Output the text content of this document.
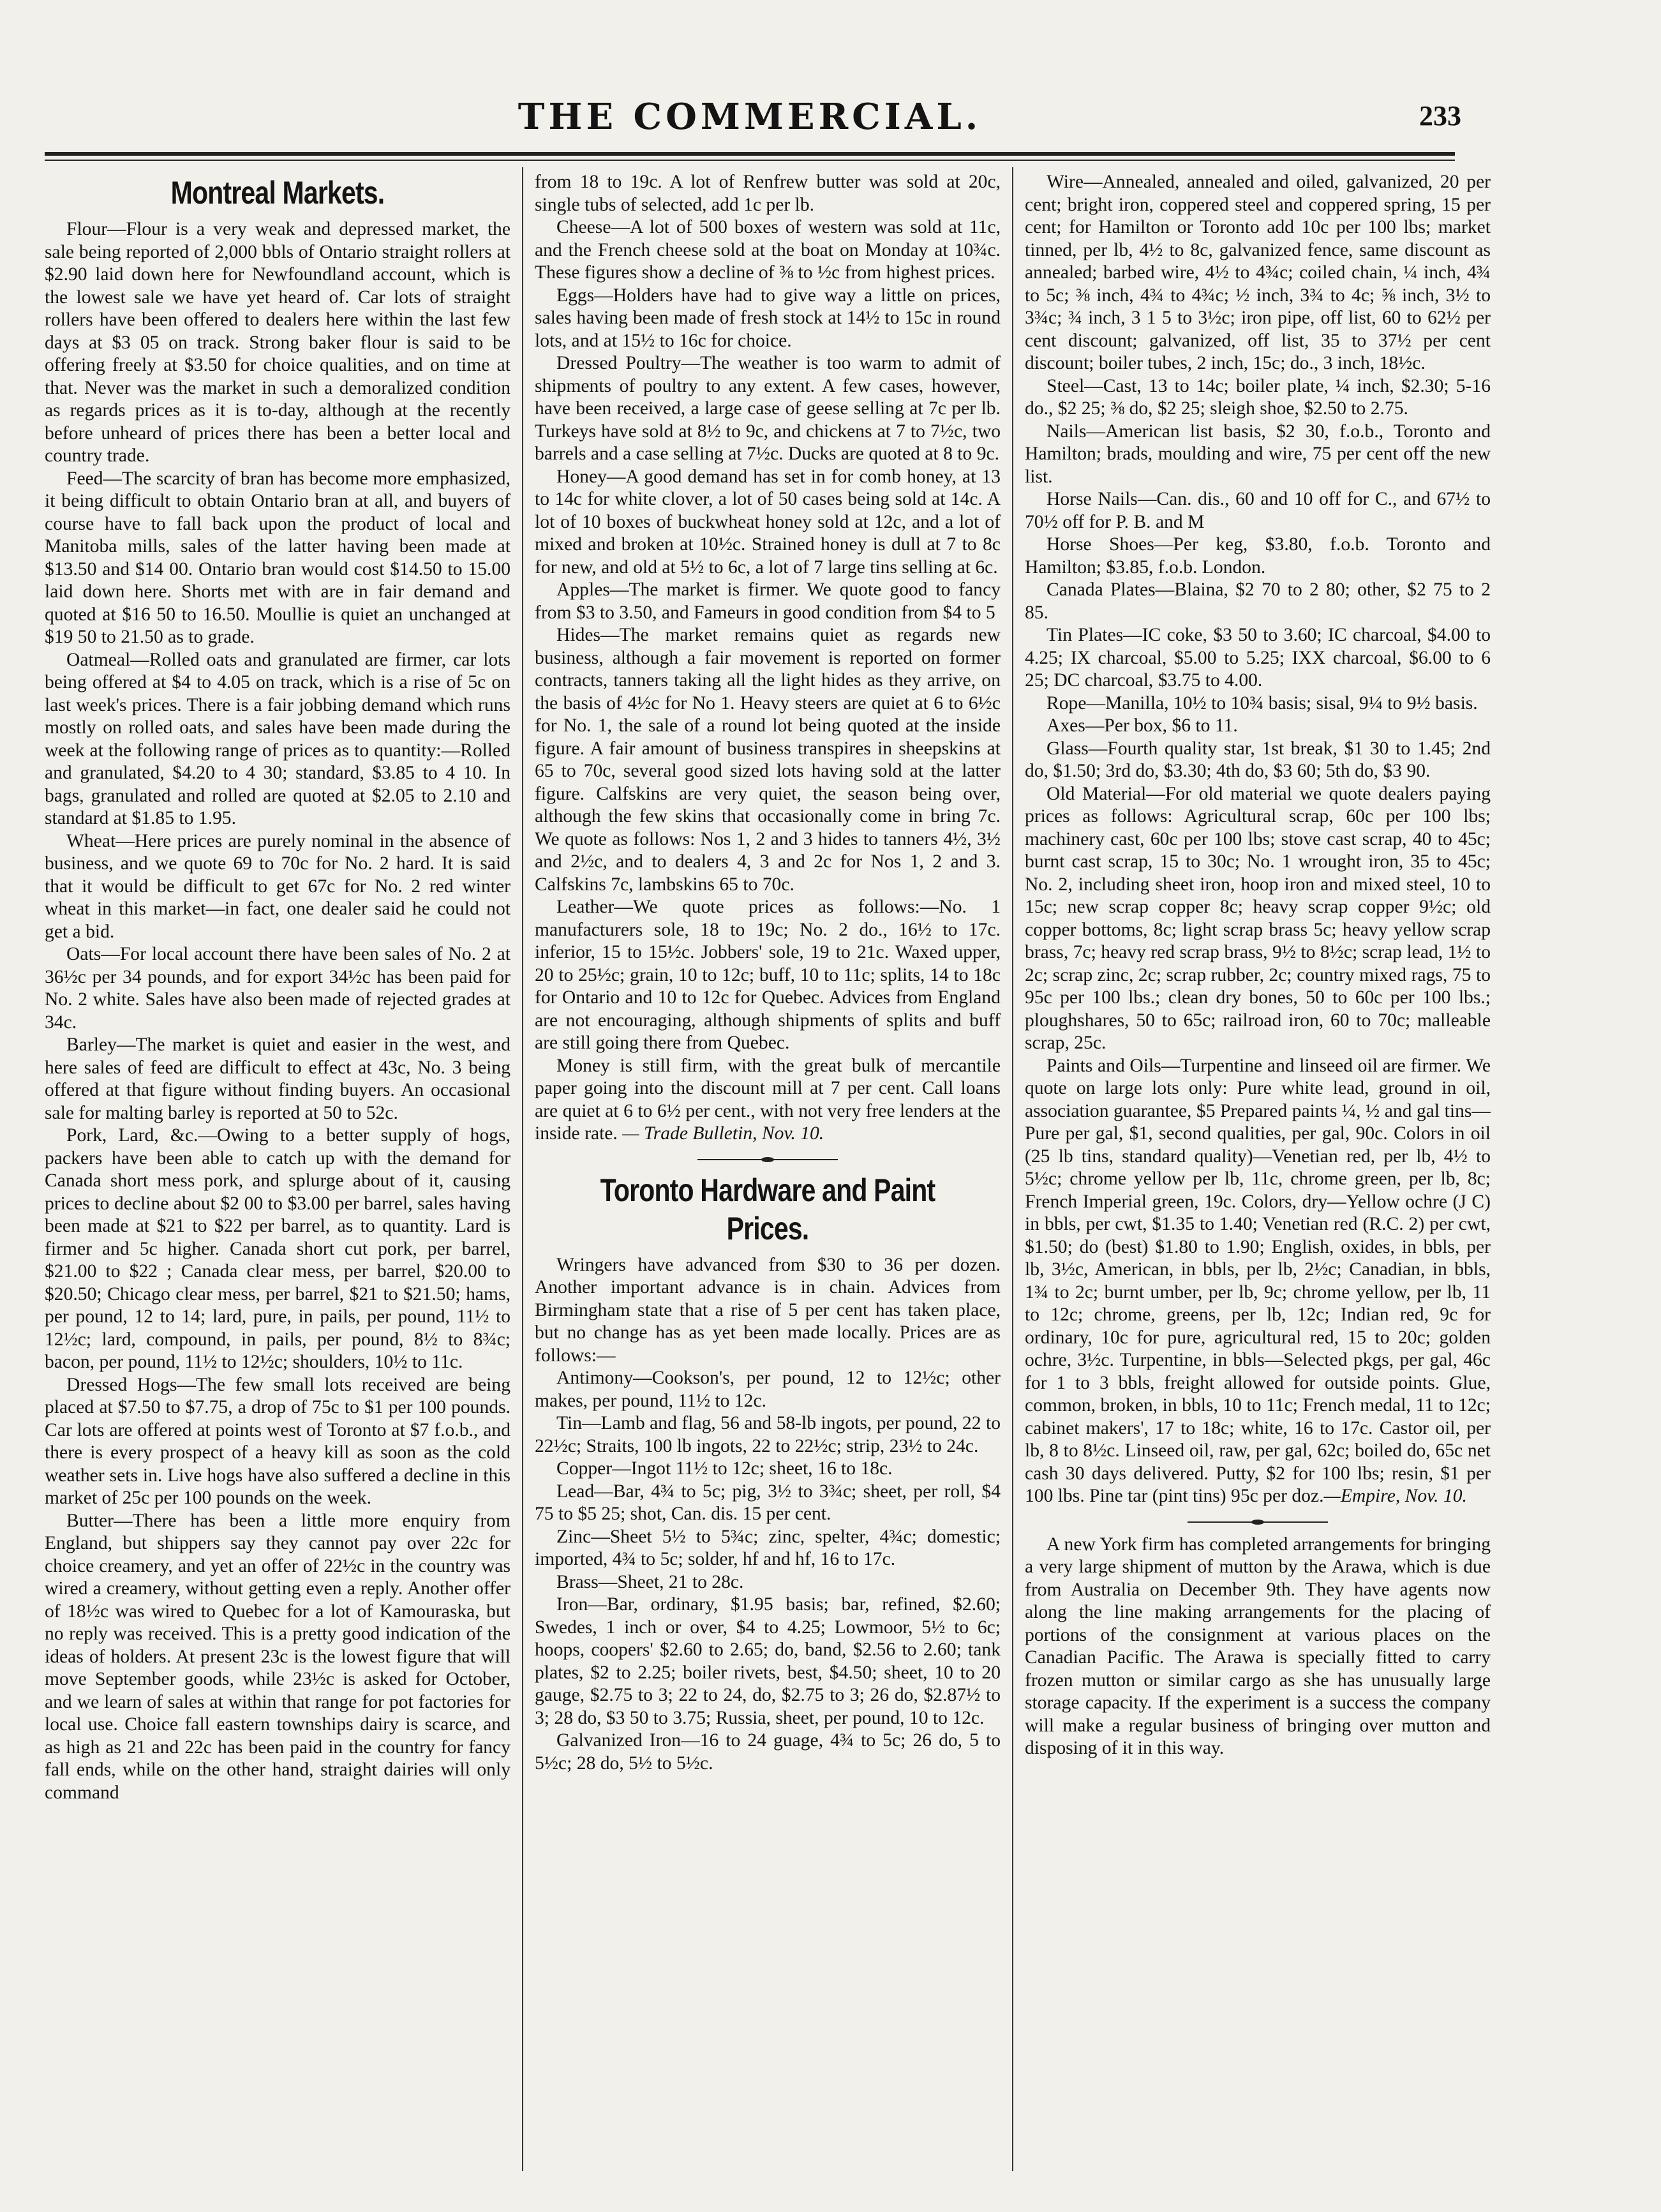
THE COMMERCIAL.	233
Montreal Markets.

Flour—Flour is a very weak and depressed market, the sale being reported of 2,000 bbls of Ontario straight rollers at $2.90 laid down here for Newfoundland account, which is the lowest sale we have yet heard of. Car lots of straight rollers have been offered to dealers here within the last few days at $3 05 on track. Strong baker flour is said to be offering freely at $3.50 for choice qualities, and on time at that. Never was the market in such a demoralized condition as regards prices as it is to-day, although at the recently before unheard of prices there has been a better local and country trade.

Feed—The scarcity of bran has become more emphasized, it being difficult to obtain Ontario bran at all, and buyers of course have to fall back upon the product of local and Manitoba mills, sales of the latter having been made at $13.50 and $14 00. Ontario bran would cost $14.50 to 15.00 laid down here. Shorts met with are in fair demand and quoted at $16 50 to 16.50. Moullie is quiet an unchanged at $19 50 to 21.50 as to grade.

Oatmeal—Rolled oats and granulated are firmer, car lots being offered at $4 to 4.05 on track, which is a rise of 5c on last week's prices. There is a fair jobbing demand which runs mostly on rolled oats, and sales have been made during the week at the following range of prices as to quantity:—Rolled and granulated, $4.20 to 4 30; standard, $3.85 to 4 10. In bags, granulated and rolled are quoted at $2.05 to 2.10 and standard at $1.85 to 1.95.

Wheat—Here prices are purely nominal in the absence of business, and we quote 69 to 70c for No. 2 hard. It is said that it would be difficult to get 67c for No. 2 red winter wheat in this market—in fact, one dealer said he could not get a bid.

Oats—For local account there have been sales of No. 2 at 36½c per 34 pounds, and for export 34½c has been paid for No. 2 white. Sales have also been made of rejected grades at 34c.

Barley—The market is quiet and easier in the west, and here sales of feed are difficult to effect at 43c, No. 3 being offered at that figure without finding buyers. An occasional sale for malting barley is reported at 50 to 52c.

Pork, Lard, &c.—Owing to a better supply of hogs, packers have been able to catch up with the demand for Canada short mess pork, and splurge about of it, causing prices to decline about $2 00 to $3.00 per barrel, sales having been made at $21 to $22 per barrel, as to quantity. Lard is firmer and 5c higher. Canada short cut pork, per barrel, $21.00 to $22 ; Canada clear mess, per barrel, $20.00 to $20.50; Chicago clear mess, per barrel, $21 to $21.50; hams, per pound, 12 to 14; lard, pure, in pails, per pound, 11½ to 12½c; lard, compound, in pails, per pound, 8½ to 8¾c; bacon, per pound, 11½ to 12½c; shoulders, 10½ to 11c.

Dressed Hogs—The few small lots received are being placed at $7.50 to $7.75, a drop of 75c to $1 per 100 pounds. Car lots are offered at points west of Toronto at $7 f.o.b., and there is every prospect of a heavy kill as soon as the cold weather sets in. Live hogs have also suffered a decline in this market of 25c per 100 pounds on the week.

Butter—There has been a little more enquiry from England, but shippers say they cannot pay over 22c for choice creamery, and yet an offer of 22½c in the country was wired a creamery, without getting even a reply. Another offer of 18½c was wired to Quebec for a lot of Kamouraska, but no reply was received. This is a pretty good indication of the ideas of holders. At present 23c is the lowest figure that will move September goods, while 23½c is asked for October, and we learn of sales at within that range for pot factories for local use. Choice fall eastern townships dairy is scarce, and as high as 21 and 22c has been paid in the country for fancy fall ends, while on the other hand, straight dairies will only command

from 18 to 19c. A lot of Renfrew butter was sold at 20c, single tubs of selected, add 1c per lb.

Cheese—A lot of 500 boxes of western was sold at 11c, and the French cheese sold at the boat on Monday at 10¾c. These figures show a decline of ⅜ to ½c from highest prices.

Eggs—Holders have had to give way a little on prices, sales having been made of fresh stock at 14½ to 15c in round lots, and at 15½ to 16c for choice.

Dressed Poultry—The weather is too warm to admit of shipments of poultry to any extent. A few cases, however, have been received, a large case of geese selling at 7c per lb. Turkeys have sold at 8½ to 9c, and chickens at 7 to 7½c, two barrels and a case selling at 7½c. Ducks are quoted at 8 to 9c.

Honey—A good demand has set in for comb honey, at 13 to 14c for white clover, a lot of 50 cases being sold at 14c. A lot of 10 boxes of buckwheat honey sold at 12c, and a lot of mixed and broken at 10½c. Strained honey is dull at 7 to 8c for new, and old at 5½ to 6c, a lot of 7 large tins selling at 6c.

Apples—The market is firmer. We quote good to fancy from $3 to 3.50, and Fameurs in good condition from $4 to 5

Hides—The market remains quiet as regards new business, although a fair movement is reported on former contracts, tanners taking all the light hides as they arrive, on the basis of 4½c for No 1. Heavy steers are quiet at 6 to 6½c for No. 1, the sale of a round lot being quoted at the inside figure. A fair amount of business transpires in sheepskins at 65 to 70c, several good sized lots having sold at the latter figure. Calfskins are very quiet, the season being over, although the few skins that occasionally come in bring 7c. We quote as follows: Nos 1, 2 and 3 hides to tanners 4½, 3½ and 2½c, and to dealers 4, 3 and 2c for Nos 1, 2 and 3. Calfskins 7c, lambskins 65 to 70c.

Leather—We quote prices as follows:—No. 1 manufacturers sole, 18 to 19c; No. 2 do., 16½ to 17c. inferior, 15 to 15½c. Jobbers' sole, 19 to 21c. Waxed upper, 20 to 25½c; grain, 10 to 12c; buff, 10 to 11c; splits, 14 to 18c for Ontario and 10 to 12c for Quebec. Advices from England are not encouraging, although shipments of splits and buff are still going there from Quebec.

Money is still firm, with the great bulk of mercantile paper going into the discount mill at 7 per cent. Call loans are quiet at 6 to 6½ per cent., with not very free lenders at the inside rate. — Trade Bulletin, Nov. 10.

Toronto Hardware and Paint Prices.

Wringers have advanced from $30 to 36 per dozen. Another important advance is in chain. Advices from Birmingham state that a rise of 5 per cent has taken place, but no change has as yet been made locally. Prices are as follows:—

Antimony—Cookson's, per pound, 12 to 12½c; other makes, per pound, 11½ to 12c.

Tin—Lamb and flag, 56 and 58-lb ingots, per pound, 22 to 22½c; Straits, 100 lb ingots, 22 to 22½c; strip, 23½ to 24c.

Copper—Ingot 11½ to 12c; sheet, 16 to 18c.

Lead—Bar, 4¾ to 5c; pig, 3½ to 3¾c; sheet, per roll, $4 75 to $5 25; shot, Can. dis. 15 per cent.

Zinc—Sheet 5½ to 5¾c; zinc, spelter, 4¾c; domestic; imported, 4¾ to 5c; solder, hf and hf, 16 to 17c.

Brass—Sheet, 21 to 28c.

Iron—Bar, ordinary, $1.95 basis; bar, refined, $2.60; Swedes, 1 inch or over, $4 to 4.25; Lowmoor, 5½ to 6c; hoops, coopers' $2.60 to 2.65; do, band, $2.56 to 2.60; tank plates, $2 to 2.25; boiler rivets, best, $4.50; sheet, 10 to 20 gauge, $2.75 to 3; 22 to 24, do, $2.75 to 3; 26 do, $2.87½ to 3; 28 do, $3 50 to 3.75; Russia, sheet, per pound, 10 to 12c.

Galvanized Iron—16 to 24 guage, 4¾ to 5c; 26 do, 5 to 5½c; 28 do, 5½ to 5½c.

Wire—Annealed, annealed and oiled, galvanized, 20 per cent; bright iron, coppered steel and coppered spring, 15 per cent; for Hamilton or Toronto add 10c per 100 lbs; market tinned, per lb, 4½ to 8c, galvanized fence, same discount as annealed; barbed wire, 4½ to 4¾c; coiled chain, ¼ inch, 4¾ to 5c; ⅜ inch, 4¾ to 4¾c; ½ inch, 3¾ to 4c; ⅝ inch, 3½ to 3¾c; ¾ inch, 3 1 5 to 3½c; iron pipe, off list, 60 to 62½ per cent discount; galvanized, off list, 35 to 37½ per cent discount; boiler tubes, 2 inch, 15c; do., 3 inch, 18½c.

Steel—Cast, 13 to 14c; boiler plate, ¼ inch, $2.30; 5-16 do., $2 25; ⅜ do, $2 25; sleigh shoe, $2.50 to 2.75.

Nails—American list basis, $2 30, f.o.b., Toronto and Hamilton; brads, moulding and wire, 75 per cent off the new list.

Horse Nails—Can. dis., 60 and 10 off for C., and 67½ to 70½ off for P. B. and M

Horse Shoes—Per keg, $3.80, f.o.b. Toronto and Hamilton; $3.85, f.o.b. London.

Canada Plates—Blaina, $2 70 to 2 80; other, $2 75 to 2 85.

Tin Plates—IC coke, $3 50 to 3.60; IC charcoal, $4.00 to 4.25; IX charcoal, $5.00 to 5.25; IXX charcoal, $6.00 to 6 25; DC charcoal, $3.75 to 4.00.

Rope—Manilla, 10½ to 10¾ basis; sisal, 9¼ to 9½ basis.

Axes—Per box, $6 to 11.

Glass—Fourth quality star, 1st break, $1 30 to 1.45; 2nd do, $1.50; 3rd do, $3.30; 4th do, $3 60; 5th do, $3 90.

Old Material—For old material we quote dealers paying prices as follows: Agricultural scrap, 60c per 100 lbs; machinery cast, 60c per 100 lbs; stove cast scrap, 40 to 45c; burnt cast scrap, 15 to 30c; No. 1 wrought iron, 35 to 45c; No. 2, including sheet iron, hoop iron and mixed steel, 10 to 15c; new scrap copper 8c; heavy scrap copper 9½c; old copper bottoms, 8c; light scrap brass 5c; heavy yellow scrap brass, 7c; heavy red scrap brass, 9½ to 8½c; scrap lead, 1½ to 2c; scrap zinc, 2c; scrap rubber, 2c; country mixed rags, 75 to 95c per 100 lbs.; clean dry bones, 50 to 60c per 100 lbs.; ploughshares, 50 to 65c; railroad iron, 60 to 70c; malleable scrap, 25c.

Paints and Oils—Turpentine and linseed oil are firmer. We quote on large lots only: Pure white lead, ground in oil, association guarantee, $5 Prepared paints ¼, ½ and gal tins—Pure per gal, $1, second qualities, per gal, 90c. Colors in oil (25 lb tins, standard quality)—Venetian red, per lb, 4½ to 5½c; chrome yellow per lb, 11c, chrome green, per lb, 8c; French Imperial green, 19c. Colors, dry—Yellow ochre (J C) in bbls, per cwt, $1.35 to 1.40; Venetian red (R.C. 2) per cwt, $1.50; do (best) $1.80 to 1.90; English, oxides, in bbls, per lb, 3½c, American, in bbls, per lb, 2½c; Canadian, in bbls, 1¾ to 2c; burnt umber, per lb, 9c; chrome yellow, per lb, 11 to 12c; chrome, greens, per lb, 12c; Indian red, 9c for ordinary, 10c for pure, agricultural red, 15 to 20c; golden ochre, 3½c. Turpentine, in bbls—Selected pkgs, per gal, 46c for 1 to 3 bbls, freight allowed for outside points. Glue, common, broken, in bbls, 10 to 11c; French medal, 11 to 12c; cabinet makers', 17 to 18c; white, 16 to 17c. Castor oil, per lb, 8 to 8½c. Linseed oil, raw, per gal, 62c; boiled do, 65c net cash 30 days delivered. Putty, $2 for 100 lbs; resin, $1 per 100 lbs. Pine tar (pint tins) 95c per doz.—Empire, Nov. 10.

A new York firm has completed arrangements for bringing a very large shipment of mutton by the Arawa, which is due from Australia on December 9th. They have agents now along the line making arrangements for the placing of portions of the consignment at various places on the Canadian Pacific. The Arawa is specially fitted to carry frozen mutton or similar cargo as she has unusually large storage capacity. If the experiment is a success the company will make a regular business of bringing over mutton and disposing of it in this way.
